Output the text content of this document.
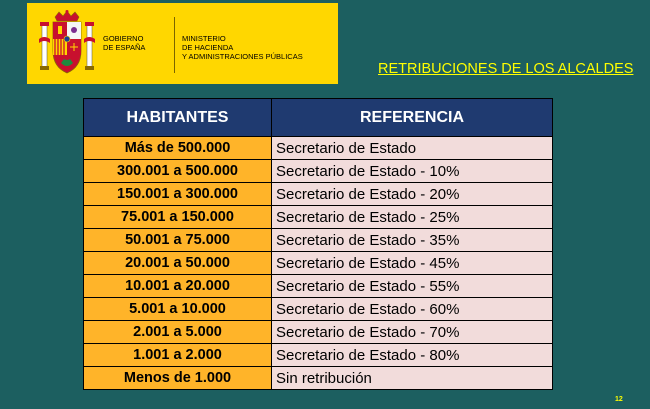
GOBIERNO
DE ESPAÑA
MINISTERIO
DE HACIENDA
Y ADMINISTRACIONES PÚBLICAS
RETRIBUCIONES DE LOS ALCALDES
HABITANTES	REFERENCIA
Más de 500.000	Secretario de Estado
300.001 a 500.000	Secretario de Estado - 10%
150.001 a 300.000	Secretario de Estado - 20%
75.001 a 150.000	Secretario de Estado - 25%
50.001 a 75.000	Secretario de Estado - 35%
20.001 a 50.000	Secretario de Estado - 45%
10.001 a 20.000	Secretario de Estado - 55%
5.001 a 10.000	Secretario de Estado - 60%
2.001 a 5.000	Secretario de Estado - 70%
1.001 a 2.000	Secretario de Estado - 80%
Menos de 1.000	Sin retribución
12
